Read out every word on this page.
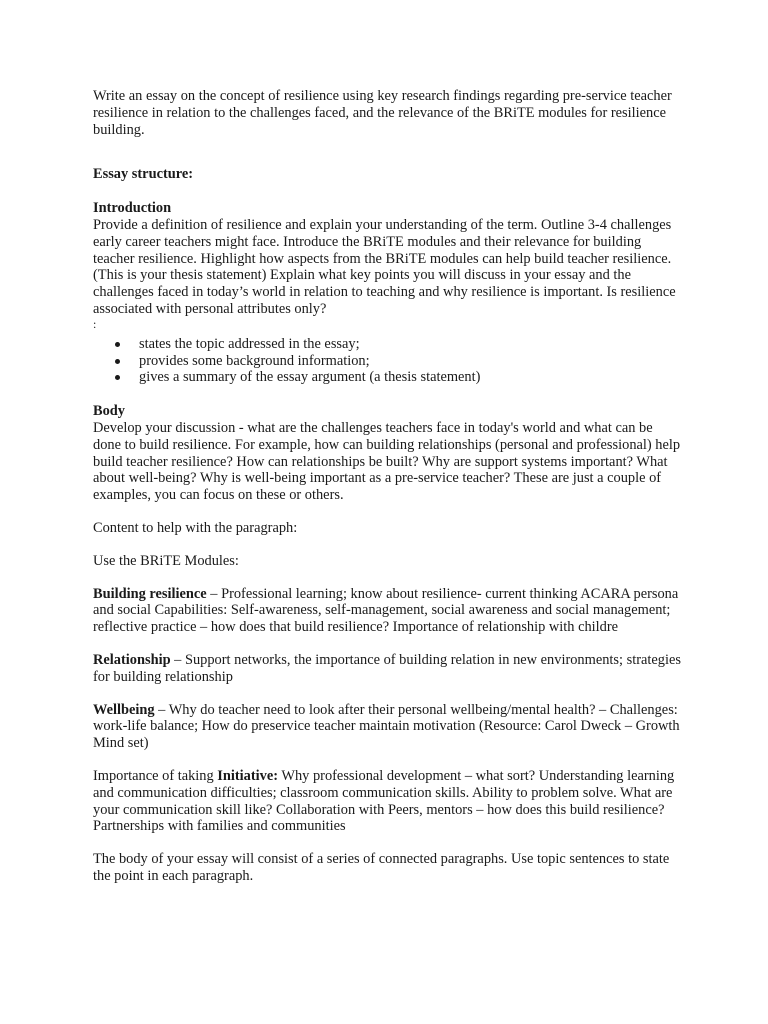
Write an essay on the concept of resilience using key research findings regarding pre-service teacher resilience in relation to the challenges faced, and the relevance of the BRiTE modules for resilience building.

Essay structure:

Introduction

Provide a definition of resilience and explain your understanding of the term. Outline 3-4 challenges early career teachers might face. Introduce the BRiTE modules and their relevance for building teacher resilience. Highlight how aspects from the BRiTE modules can help build teacher resilience. (This is your thesis statement) Explain what key points you will discuss in your essay and the challenges faced in today’s world in relation to teaching and why resilience is important. Is resilience associated with personal attributes only?

:

states the topic addressed in the essay;
provides some background information;
gives a summary of the essay argument (a thesis statement)

Body

Develop your discussion - what are the challenges teachers face in today's world and what can be done to build resilience. For example, how can building relationships (personal and professional) help build teacher resilience? How can relationships be built? Why are support systems important? What about well-being? Why is well-being important as a pre-service teacher? These are just a couple of examples, you can focus on these or others.

Content to help with the paragraph:

Use the BRiTE Modules:

Building resilience – Professional learning; know about resilience- current thinking ACARA persona and social Capabilities: Self-awareness, self-management, social awareness and social management; reflective practice – how does that build resilience? Importance of relationship with childre

Relationship – Support networks, the importance of building relation in new environments; strategies for building relationship

Wellbeing – Why do teacher need to look after their personal wellbeing/mental health? – Challenges: work-life balance; How do preservice teacher maintain motivation (Resource: Carol Dweck – Growth Mind set)

Importance of taking Initiative: Why professional development – what sort? Understanding learning and communication difficulties; classroom communication skills. Ability to problem solve. What are your communication skill like? Collaboration with Peers, mentors – how does this build resilience? Partnerships with families and communities

The body of your essay will consist of a series of connected paragraphs. Use topic sentences to state the point in each paragraph.
